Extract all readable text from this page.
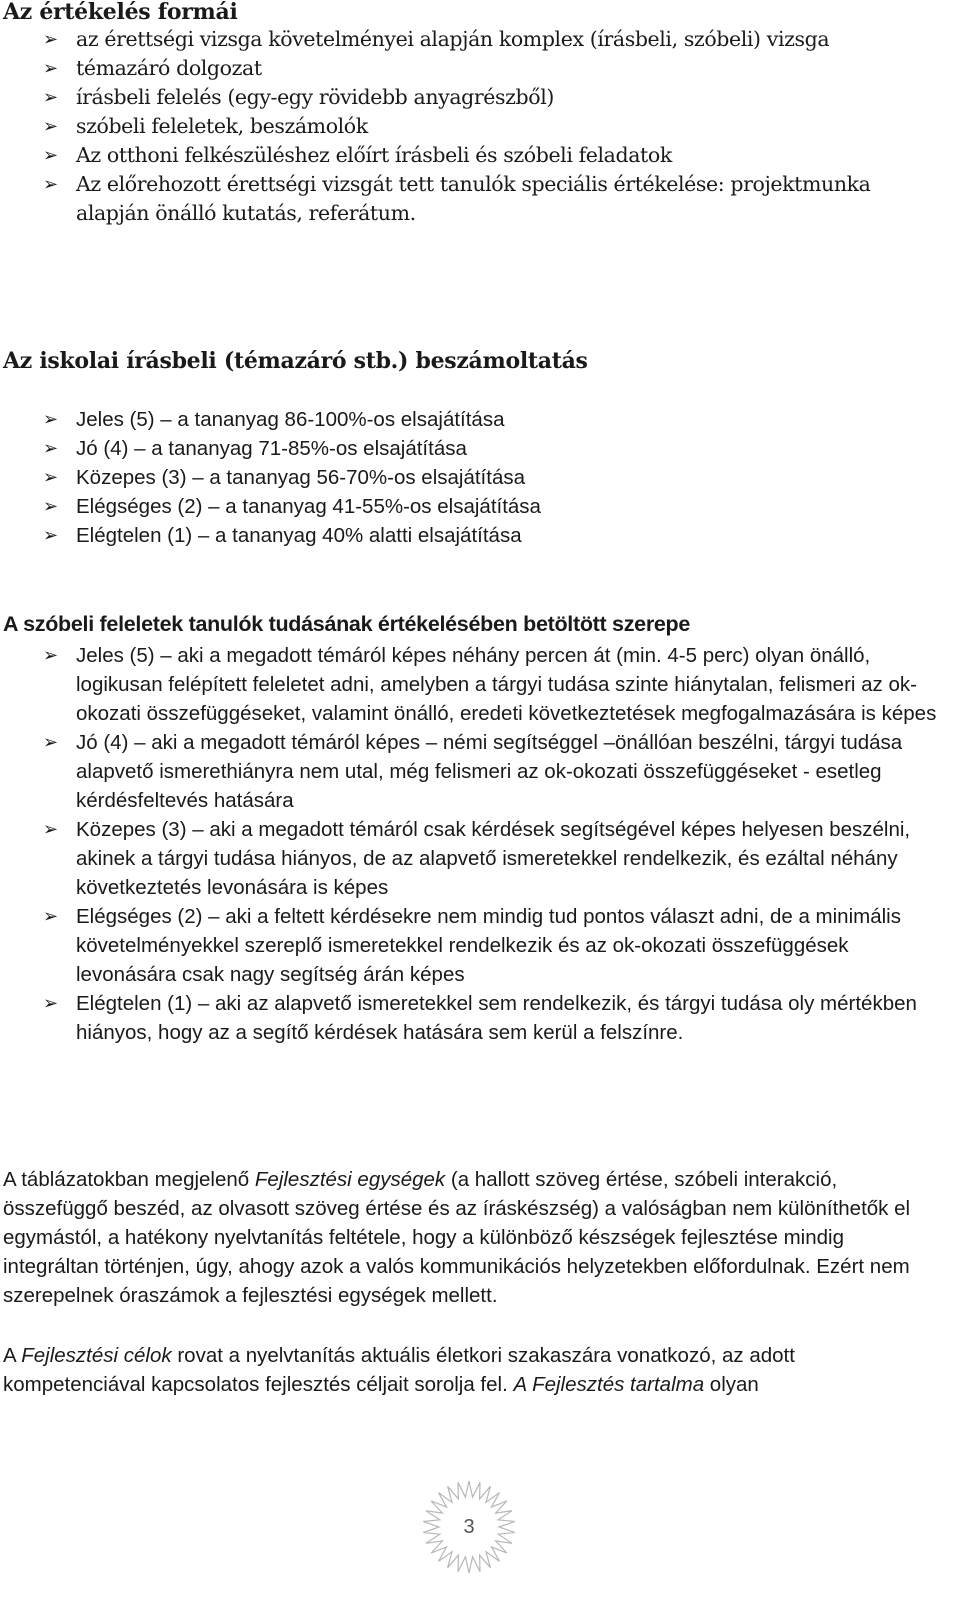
Az értékelés formái
➢ az érettségi vizsga követelményei alapján komplex (írásbeli, szóbeli) vizsga
➢ témazáró dolgozat
➢ írásbeli felelés (egy-egy rövidebb anyagrészből)
➢ szóbeli feleletek, beszámolók
➢ Az otthoni felkészüléshez előírt írásbeli és szóbeli feladatok
➢ Az előrehozott érettségi vizsgát tett tanulók speciális értékelése: projektmunka alapján önálló kutatás, referátum.
Az iskolai írásbeli (témazáró stb.) beszámoltatás
➢ Jeles (5) – a tananyag 86-100%-os elsajátítása
➢ Jó (4) – a tananyag 71-85%-os elsajátítása
➢ Közepes (3) – a tananyag 56-70%-os elsajátítása
➢ Elégséges (2) – a tananyag 41-55%-os elsajátítása
➢ Elégtelen (1) – a tananyag 40% alatti elsajátítása
A szóbeli feleletek tanulók tudásának értékelésében betöltött szerepe
➢ Jeles (5) – aki a megadott témáról képes néhány percen át (min. 4-5 perc) olyan önálló, logikusan felépített feleletet adni, amelyben a tárgyi tudása szinte hiánytalan, felismeri az ok-okozati összefüggéseket, valamint önálló, eredeti következtetések megfogalmazására is képes
➢ Jó (4) – aki a megadott témáról képes – némi segítséggel –önállóan beszélni, tárgyi tudása alapvető ismerethiányra nem utal, még felismeri az ok-okozati összefüggéseket - esetleg kérdésfeltevés hatására
➢ Közepes (3) – aki a megadott témáról csak kérdések segítségével képes helyesen beszélni, akinek a tárgyi tudása hiányos, de az alapvető ismeretekkel rendelkezik, és ezáltal néhány következtetés levonására is képes
➢ Elégséges (2) – aki a feltett kérdésekre nem mindig tud pontos választ adni, de a minimális követelményekkel szereplő ismeretekkel rendelkezik és az ok-okozati összefüggések levonására csak nagy segítség árán képes
➢ Elégtelen (1) – aki az alapvető ismeretekkel sem rendelkezik, és tárgyi tudása oly mértékben hiányos, hogy az a segítő kérdések hatására sem kerül a felszínre.

A táblázatokban megjelenő Fejlesztési egységek (a hallott szöveg értése, szóbeli interakció, összefüggő beszéd, az olvasott szöveg értése és az íráskészség) a valóságban nem különíthetők el egymástól, a hatékony nyelvtanítás feltétele, hogy a különböző készségek fejlesztése mindig integráltan történjen, úgy, ahogy azok a valós kommunikációs helyzetekben előfordulnak. Ezért nem szerepelnek óraszámok a fejlesztési egységek mellett.

A Fejlesztési célok rovat a nyelvtanítás aktuális életkori szakaszára vonatkozó, az adott kompetenciával kapcsolatos fejlesztés céljait sorolja fel. A Fejlesztés tartalma olyan

3
